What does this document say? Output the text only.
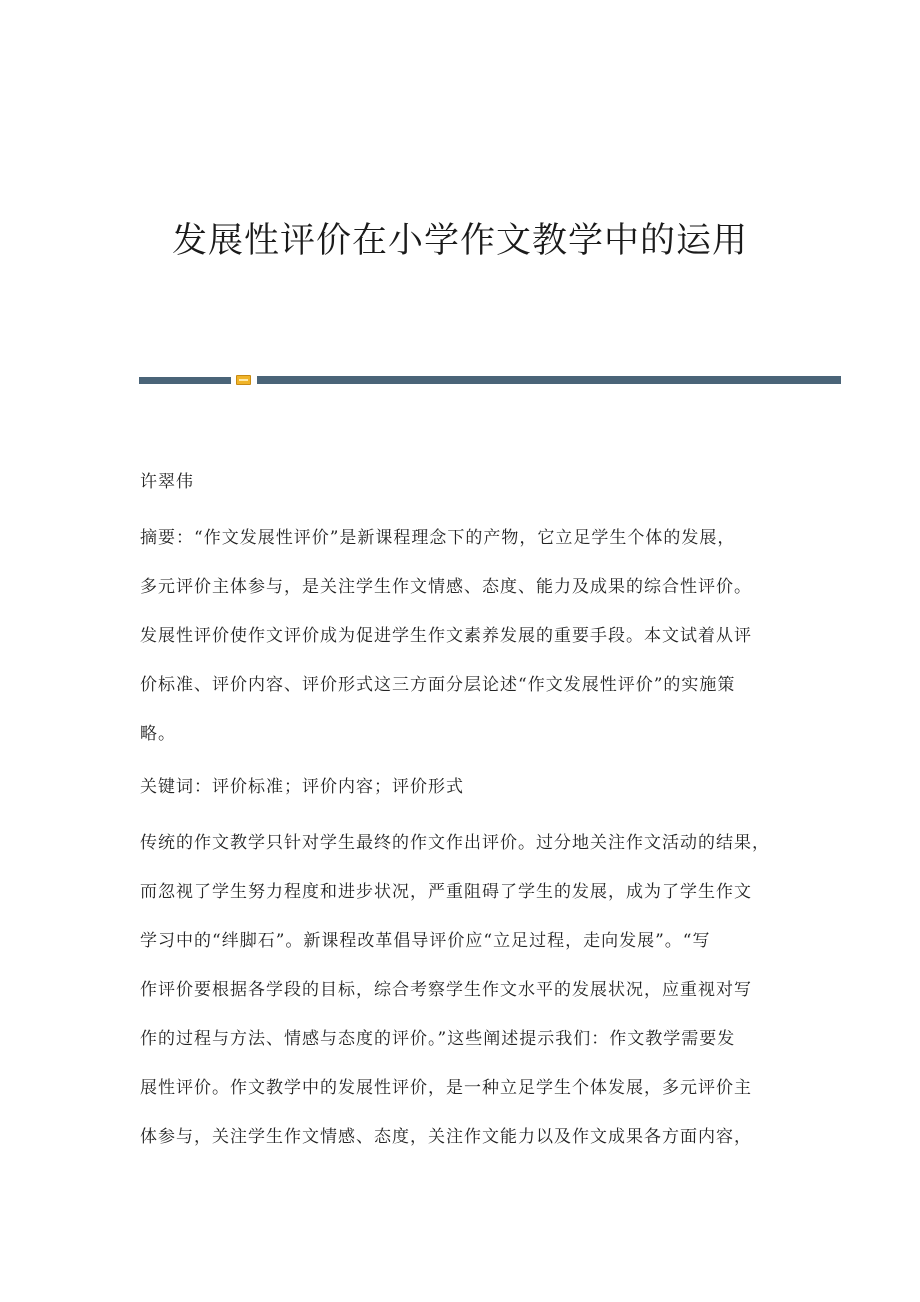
发展性评价在小学作文教学中的运用
许翠伟
摘要：“作文发展性评价”是新课程理念下的产物，它立足学生个体的发展，
多元评价主体参与，是关注学生作文情感、态度、能力及成果的综合性评价。
发展性评价使作文评价成为促进学生作文素养发展的重要手段。本文试着从评
价标准、评价内容、评价形式这三方面分层论述“作文发展性评价”的实施策
略。
关键词：评价标准；评价内容；评价形式
传统的作文教学只针对学生最终的作文作出评价。过分地关注作文活动的结果，
而忽视了学生努力程度和进步状况，严重阻碍了学生的发展，成为了学生作文
学习中的“绊脚石”。新课程改革倡导评价应“立足过程，走向发展”。“写
作评价要根据各学段的目标，综合考察学生作文水平的发展状况，应重视对写
作的过程与方法、情感与态度的评价。”这些阐述提示我们：作文教学需要发
展性评价。作文教学中的发展性评价，是一种立足学生个体发展，多元评价主
体参与，关注学生作文情感、态度，关注作文能力以及作文成果各方面内容，
